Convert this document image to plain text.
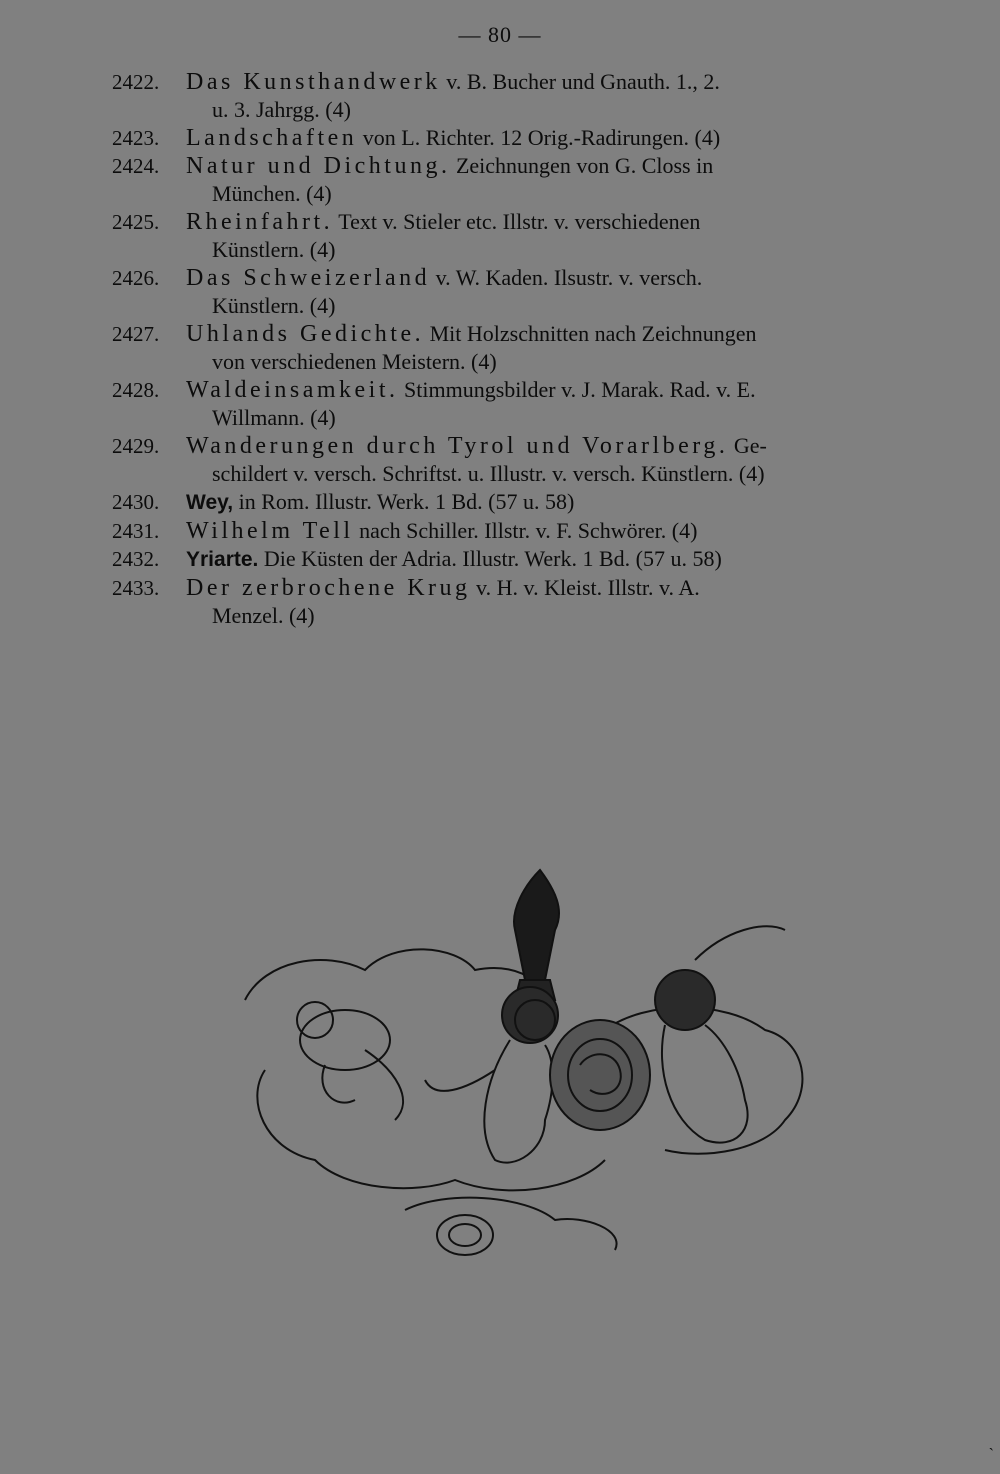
— 80 —
2422.	Das Kunsthandwerk v. B. Bucher und Gnauth. 1., 2.
u. 3. Jahrgg. (4)
2423.	Landschaften von L. Richter. 12 Orig.-Radirungen. (4)
2424.	Natur und Dichtung. Zeichnungen von G. Closs in
München. (4)
2425.	Rheinfahrt. Text v. Stieler etc. Illstr. v. verschiedenen
Künstlern. (4)
2426.	Das Schweizerland v. W. Kaden. Ilsustr. v. versch.
Künstlern. (4)
2427.	Uhlands Gedichte. Mit Holzschnitten nach Zeichnungen
von verschiedenen Meistern. (4)
2428.	Waldeinsamkeit. Stimmungsbilder v. J. Marak. Rad. v. E.
Willmann. (4)
2429.	Wanderungen durch Tyrol und Vorarlberg. Ge-
schildert v. versch. Schriftst. u. Illustr. v. versch. Künstlern. (4)
2430.	Wey, in Rom. Illustr. Werk. 1 Bd. (57 u. 58)
2431.	Wilhelm Tell nach Schiller. Illstr. v. F. Schwörer. (4)
2432.	Yriarte. Die Küsten der Adria. Illustr. Werk. 1 Bd. (57 u. 58)
2433.	Der zerbrochene Krug v. H. v. Kleist. Illstr. v. A.
Menzel. (4)
`
